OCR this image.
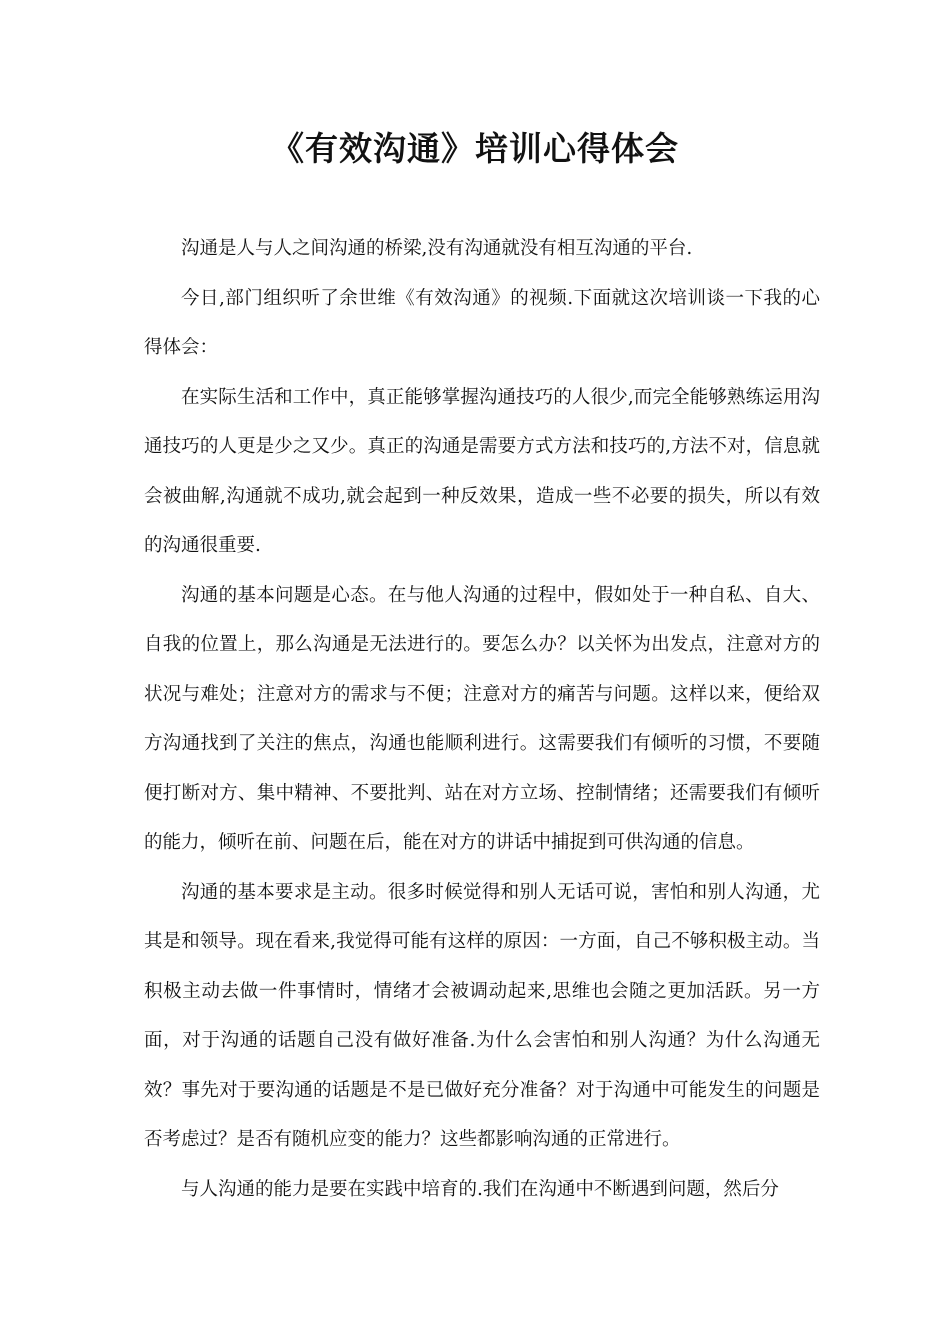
《有效沟通》培训心得体会

沟通是人与人之间沟通的桥梁,没有沟通就没有相互沟通的平台.

今日,部门组织听了余世维《有效沟通》的视频.下面就这次培训谈一下我的心得体会：

在实际生活和工作中，真正能够掌握沟通技巧的人很少,而完全能够熟练运用沟通技巧的人更是少之又少。真正的沟通是需要方式方法和技巧的,方法不对，信息就会被曲解,沟通就不成功,就会起到一种反效果，造成一些不必要的损失，所以有效的沟通很重要.

沟通的基本问题是心态。在与他人沟通的过程中，假如处于一种自私、自大、自我的位置上，那么沟通是无法进行的。要怎么办？以关怀为出发点，注意对方的状况与难处；注意对方的需求与不便；注意对方的痛苦与问题。这样以来，便给双方沟通找到了关注的焦点，沟通也能顺利进行。这需要我们有倾听的习惯，不要随便打断对方、集中精神、不要批判、站在对方立场、控制情绪；还需要我们有倾听的能力，倾听在前、问题在后，能在对方的讲话中捕捉到可供沟通的信息。

沟通的基本要求是主动。很多时候觉得和别人无话可说，害怕和别人沟通，尤其是和领导。现在看来,我觉得可能有这样的原因：一方面，自己不够积极主动。当积极主动去做一件事情时，情绪才会被调动起来,思维也会随之更加活跃。另一方面，对于沟通的话题自己没有做好准备.为什么会害怕和别人沟通？为什么沟通无效？事先对于要沟通的话题是不是已做好充分准备？对于沟通中可能发生的问题是否考虑过？是否有随机应变的能力？这些都影响沟通的正常进行。

与人沟通的能力是要在实践中培育的.我们在沟通中不断遇到问题，然后分
